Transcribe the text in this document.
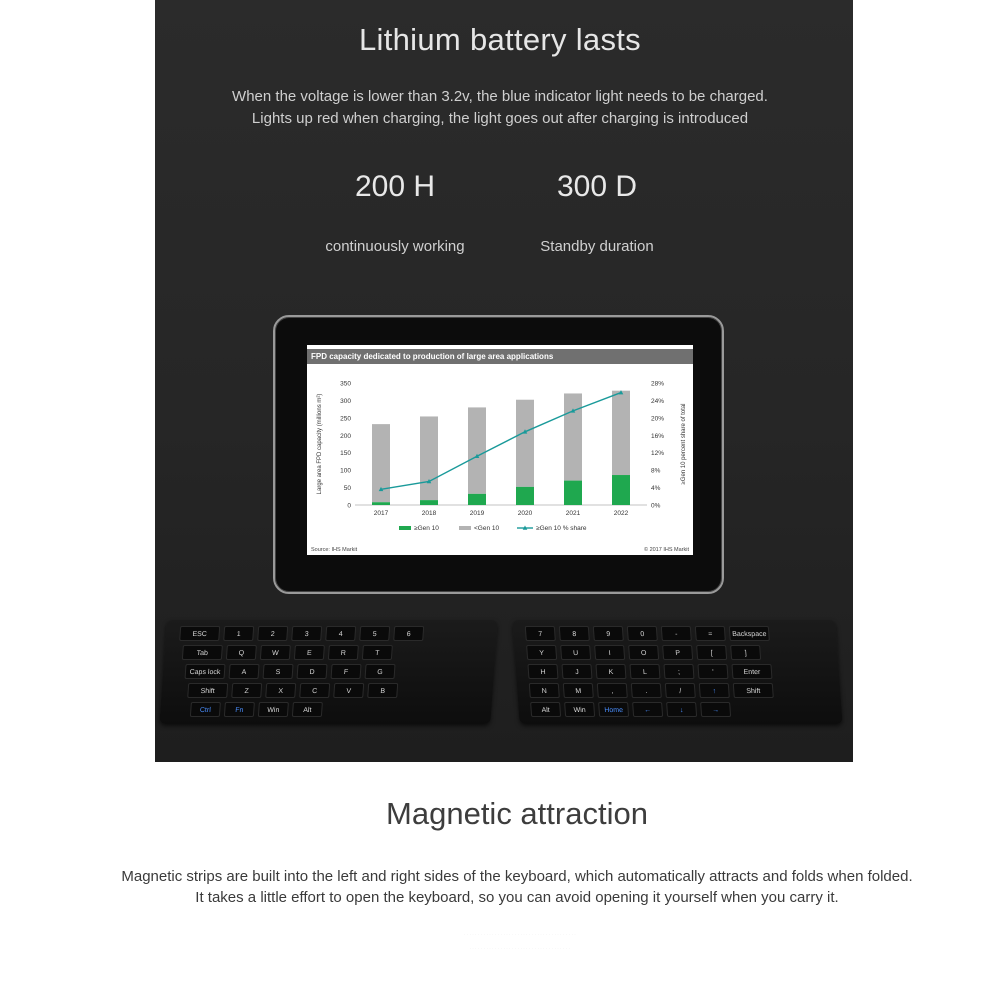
Lithium battery lasts
When the voltage is lower than 3.2v, the blue indicator light needs to be charged.
Lights up red when charging, the light goes out after charging is introduced
200 H
continuously working
300 D
Standby duration
FPD capacity dedicated to production of large area applications
0
50
100
150
200
250
300
350
0%
4%
8%
12%
16%
20%
24%
28%
Large area FPD capacity (millions m²)	≥Gen 10 percent share of total
2017	2018	2019	2020	2021	2022
≥Gen 10	<Gen 10	≥Gen 10 % share
Source: IHS Markit	© 2017 IHS Markit
ESC	1	2	3	4	5	6
Tab	Q	W	E	R	T
Caps lock	A	S	D	F	G
Shift	Z	X	C	V	B
Ctrl	Fn	Win	Alt
7	8	9	0	-	=	Backspace
Y	U	I	O	P	[	]
H	J	K	L	;	'	Enter
N	M	,	.	/	↑	Shift
Alt	Win	Home	←	↓	→
Magnetic attraction
Magnetic strips are built into the left and right sides of the keyboard, which automatically attracts and folds when folded.
It takes a little effort to open the keyboard, so you can avoid opening it yourself when you carry it.
· · · · · · · · · · · · · · · · · · · · · · · · · · · · · · · · · · · · · · · ·
· · · · · · · · · · · · · · · · · · · · · · · · · · · · · · · · · · · ·
